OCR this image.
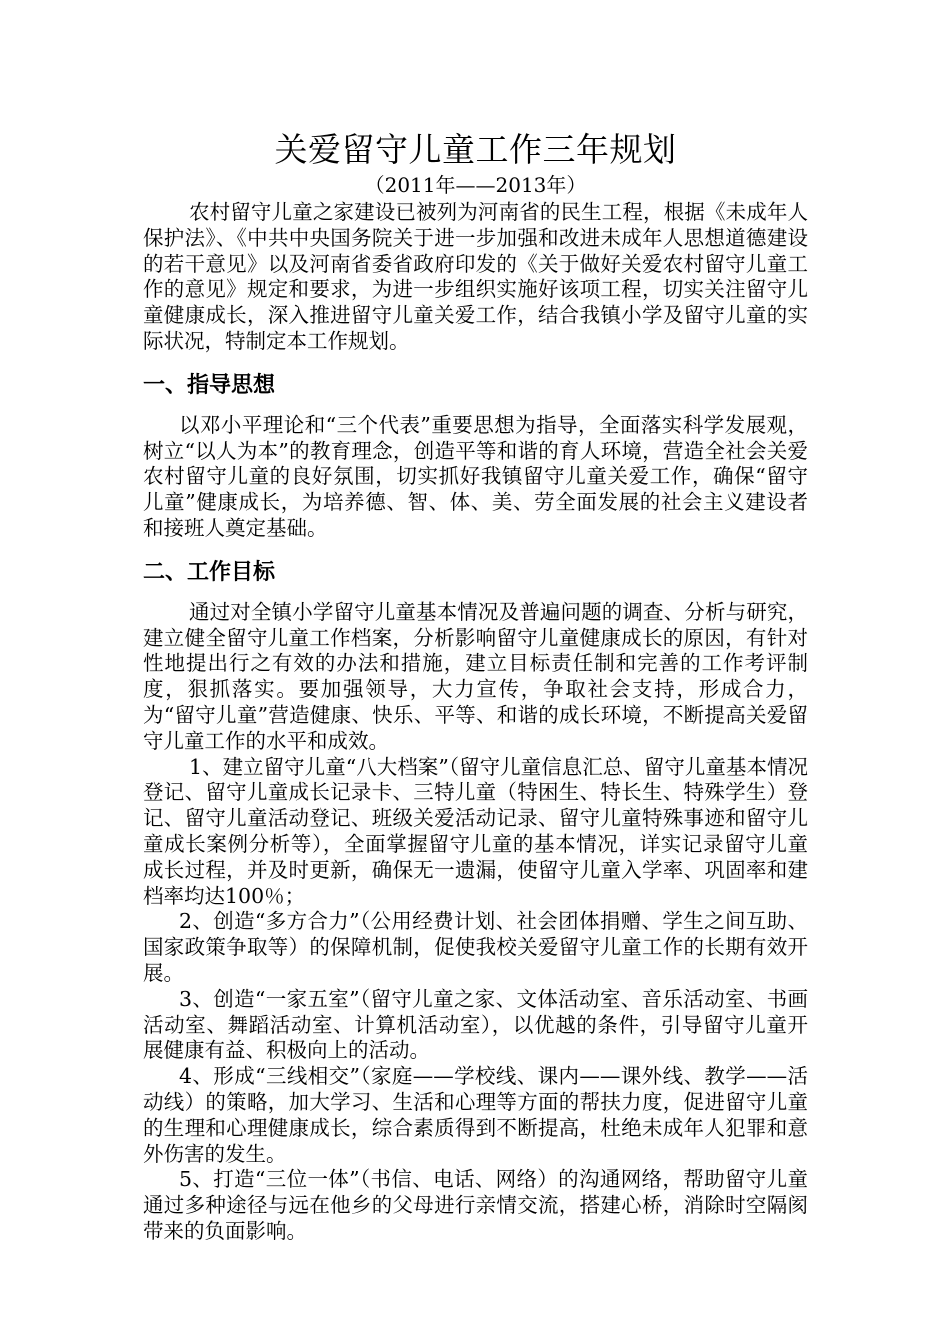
关爱留守儿童工作三年规划
（2011年——2013年）

农村留守儿童之家建设已被列为河南省的民生工程，根据《未成年人保护法》、《中共中央国务院关于进一步加强和改进未成年人思想道德建设的若干意见》以及河南省委省政府印发的《关于做好关爱农村留守儿童工作的意见》规定和要求，为进一步组织实施好该项工程，切实关注留守儿童健康成长，深入推进留守儿童关爱工作，结合我镇小学及留守儿童的实际状况，特制定本工作规划。

一、指导思想

以邓小平理论和“三个代表”重要思想为指导，全面落实科学发展观，树立“以人为本”的教育理念，创造平等和谐的育人环境，营造全社会关爱农村留守儿童的良好氛围，切实抓好我镇留守儿童关爱工作，确保“留守儿童”健康成长，为培养德、智、体、美、劳全面发展的社会主义建设者和接班人奠定基础。

二、工作目标

通过对全镇小学留守儿童基本情况及普遍问题的调查、分析与研究，建立健全留守儿童工作档案，分析影响留守儿童健康成长的原因，有针对性地提出行之有效的办法和措施，建立目标责任制和完善的工作考评制度，狠抓落实。要加强领导，大力宣传，争取社会支持，形成合力，为“留守儿童”营造健康、快乐、平等、和谐的成长环境，不断提高关爱留守儿童工作的水平和成效。

1、建立留守儿童“八大档案”（留守儿童信息汇总、留守儿童基本情况登记、留守儿童成长记录卡、三特儿童（特困生、特长生、特殊学生）登记、留守儿童活动登记、班级关爱活动记录、留守儿童特殊事迹和留守儿童成长案例分析等），全面掌握留守儿童的基本情况，详实记录留守儿童成长过程，并及时更新，确保无一遗漏，使留守儿童入学率、巩固率和建档率均达100％；

2、创造“多方合力”（公用经费计划、社会团体捐赠、学生之间互助、国家政策争取等）的保障机制，促使我校关爱留守儿童工作的长期有效开展。

3、创造“一家五室”（留守儿童之家、文体活动室、音乐活动室、书画活动室、舞蹈活动室、计算机活动室），以优越的条件，引导留守儿童开展健康有益、积极向上的活动。

4、形成“三线相交”（家庭——学校线、课内——课外线、教学——活动线）的策略，加大学习、生活和心理等方面的帮扶力度，促进留守儿童的生理和心理健康成长，综合素质得到不断提高，杜绝未成年人犯罪和意外伤害的发生。

5、打造“三位一体”（书信、电话、网络）的沟通网络，帮助留守儿童通过多种途径与远在他乡的父母进行亲情交流，搭建心桥，消除时空隔阂带来的负面影响。
